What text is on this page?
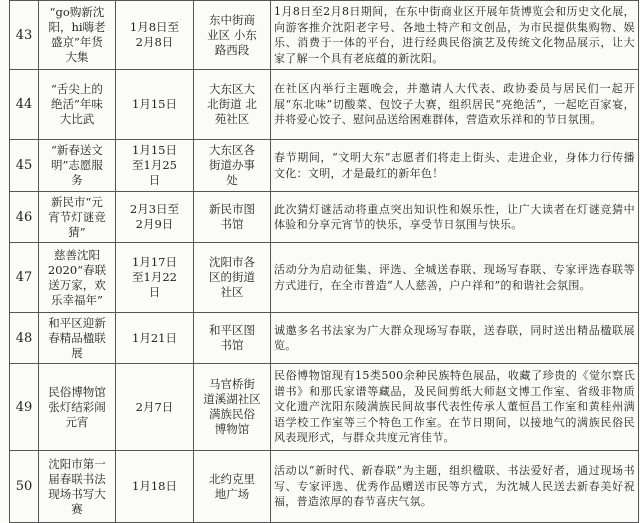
43	“go购新沈
阳，hi嗨老
盛京”年货
大集	1月8日至
2月8日	东中街商
业区 小东
路西段	1月8日至2月8日期间，在东中街商业区开展年货博览会和历史文化展，向游客推介沈阳老字号、各地土特产和文创品，为市民提供集购物、娱乐、消费于一体的平台，进行经典民俗演艺及传统文化物品展示，让大家了解一个具有老底蕴的新沈阳。
44	“舌尖上的
绝活”年味
大比武	1月15日	大东区大
北街道 北
苑社区	在社区内举行主题晚会，并邀请人大代表、政协委员与居民们一起开展“东北味”切酸菜、包饺子大赛，组织居民“亮绝活”，一起吃百家宴，并将爱心饺子、慰问品送给困难群体，营造欢乐祥和的节日氛围。
45	“新春送文
明”志愿服
务	1月15日
至1月25
日	大东区各
街道办事
处	春节期间，“文明大东”志愿者们将走上街头、走进企业，身体力行传播文化：文明，才是最红的新年色！
46	新民市“元
宵节灯谜竞
猜”	2月3日至
2月9日	新民市图
书馆	此次猜灯谜活动将重点突出知识性和娱乐性，让广大读者在灯谜竞猜中体验和分享元宵节的快乐，享受节日氛围与快乐。
47	慈善沈阳
2020“春联
送万家，欢
乐幸福年”	1月17日
至1月22
日	沈阳市各
区的街道
社区	活动分为启动征集、评选、全城送春联、现场写春联、专家评选春联等方式进行，在全市普造“人人慈善，户户祥和”的和谐社会氛围。
48	和平区迎新
春精品楹联
展	1月21日	和平区图
书馆	诚邀多名书法家为广大群众现场写春联，送春联，同时送出精品楹联展览。
49	民俗博物馆
张灯结彩闹
元宵	2月7日	马官桥街
道溪湖社区
满族民俗
博物馆	民俗博物馆现有15类500余种民族特色展品，收藏了珍贵的《觉尔察氏谱书》和那氏家谱等藏品，及民间剪纸大师赵文博工作室、省级非物质文化遗产沈阳东陵满族民间故事代表性传承人董恒昌工作室和黄桂州满语学校工作室等三个特色工作室。在节日期间，以接地气的满族民俗民风表现形式，与群众共度元宵佳节。
50	沈阳市第一
届春联书法
现场书写大
赛	1月18日	北约克里
地广场	活动以“新时代、新春联”为主题，组织楹联、书法爱好者，通过现场书写、专家评选、优秀作品赠送市民等方式，为沈城人民送去新春美好祝福，普造浓厚的春节喜庆气氛。
